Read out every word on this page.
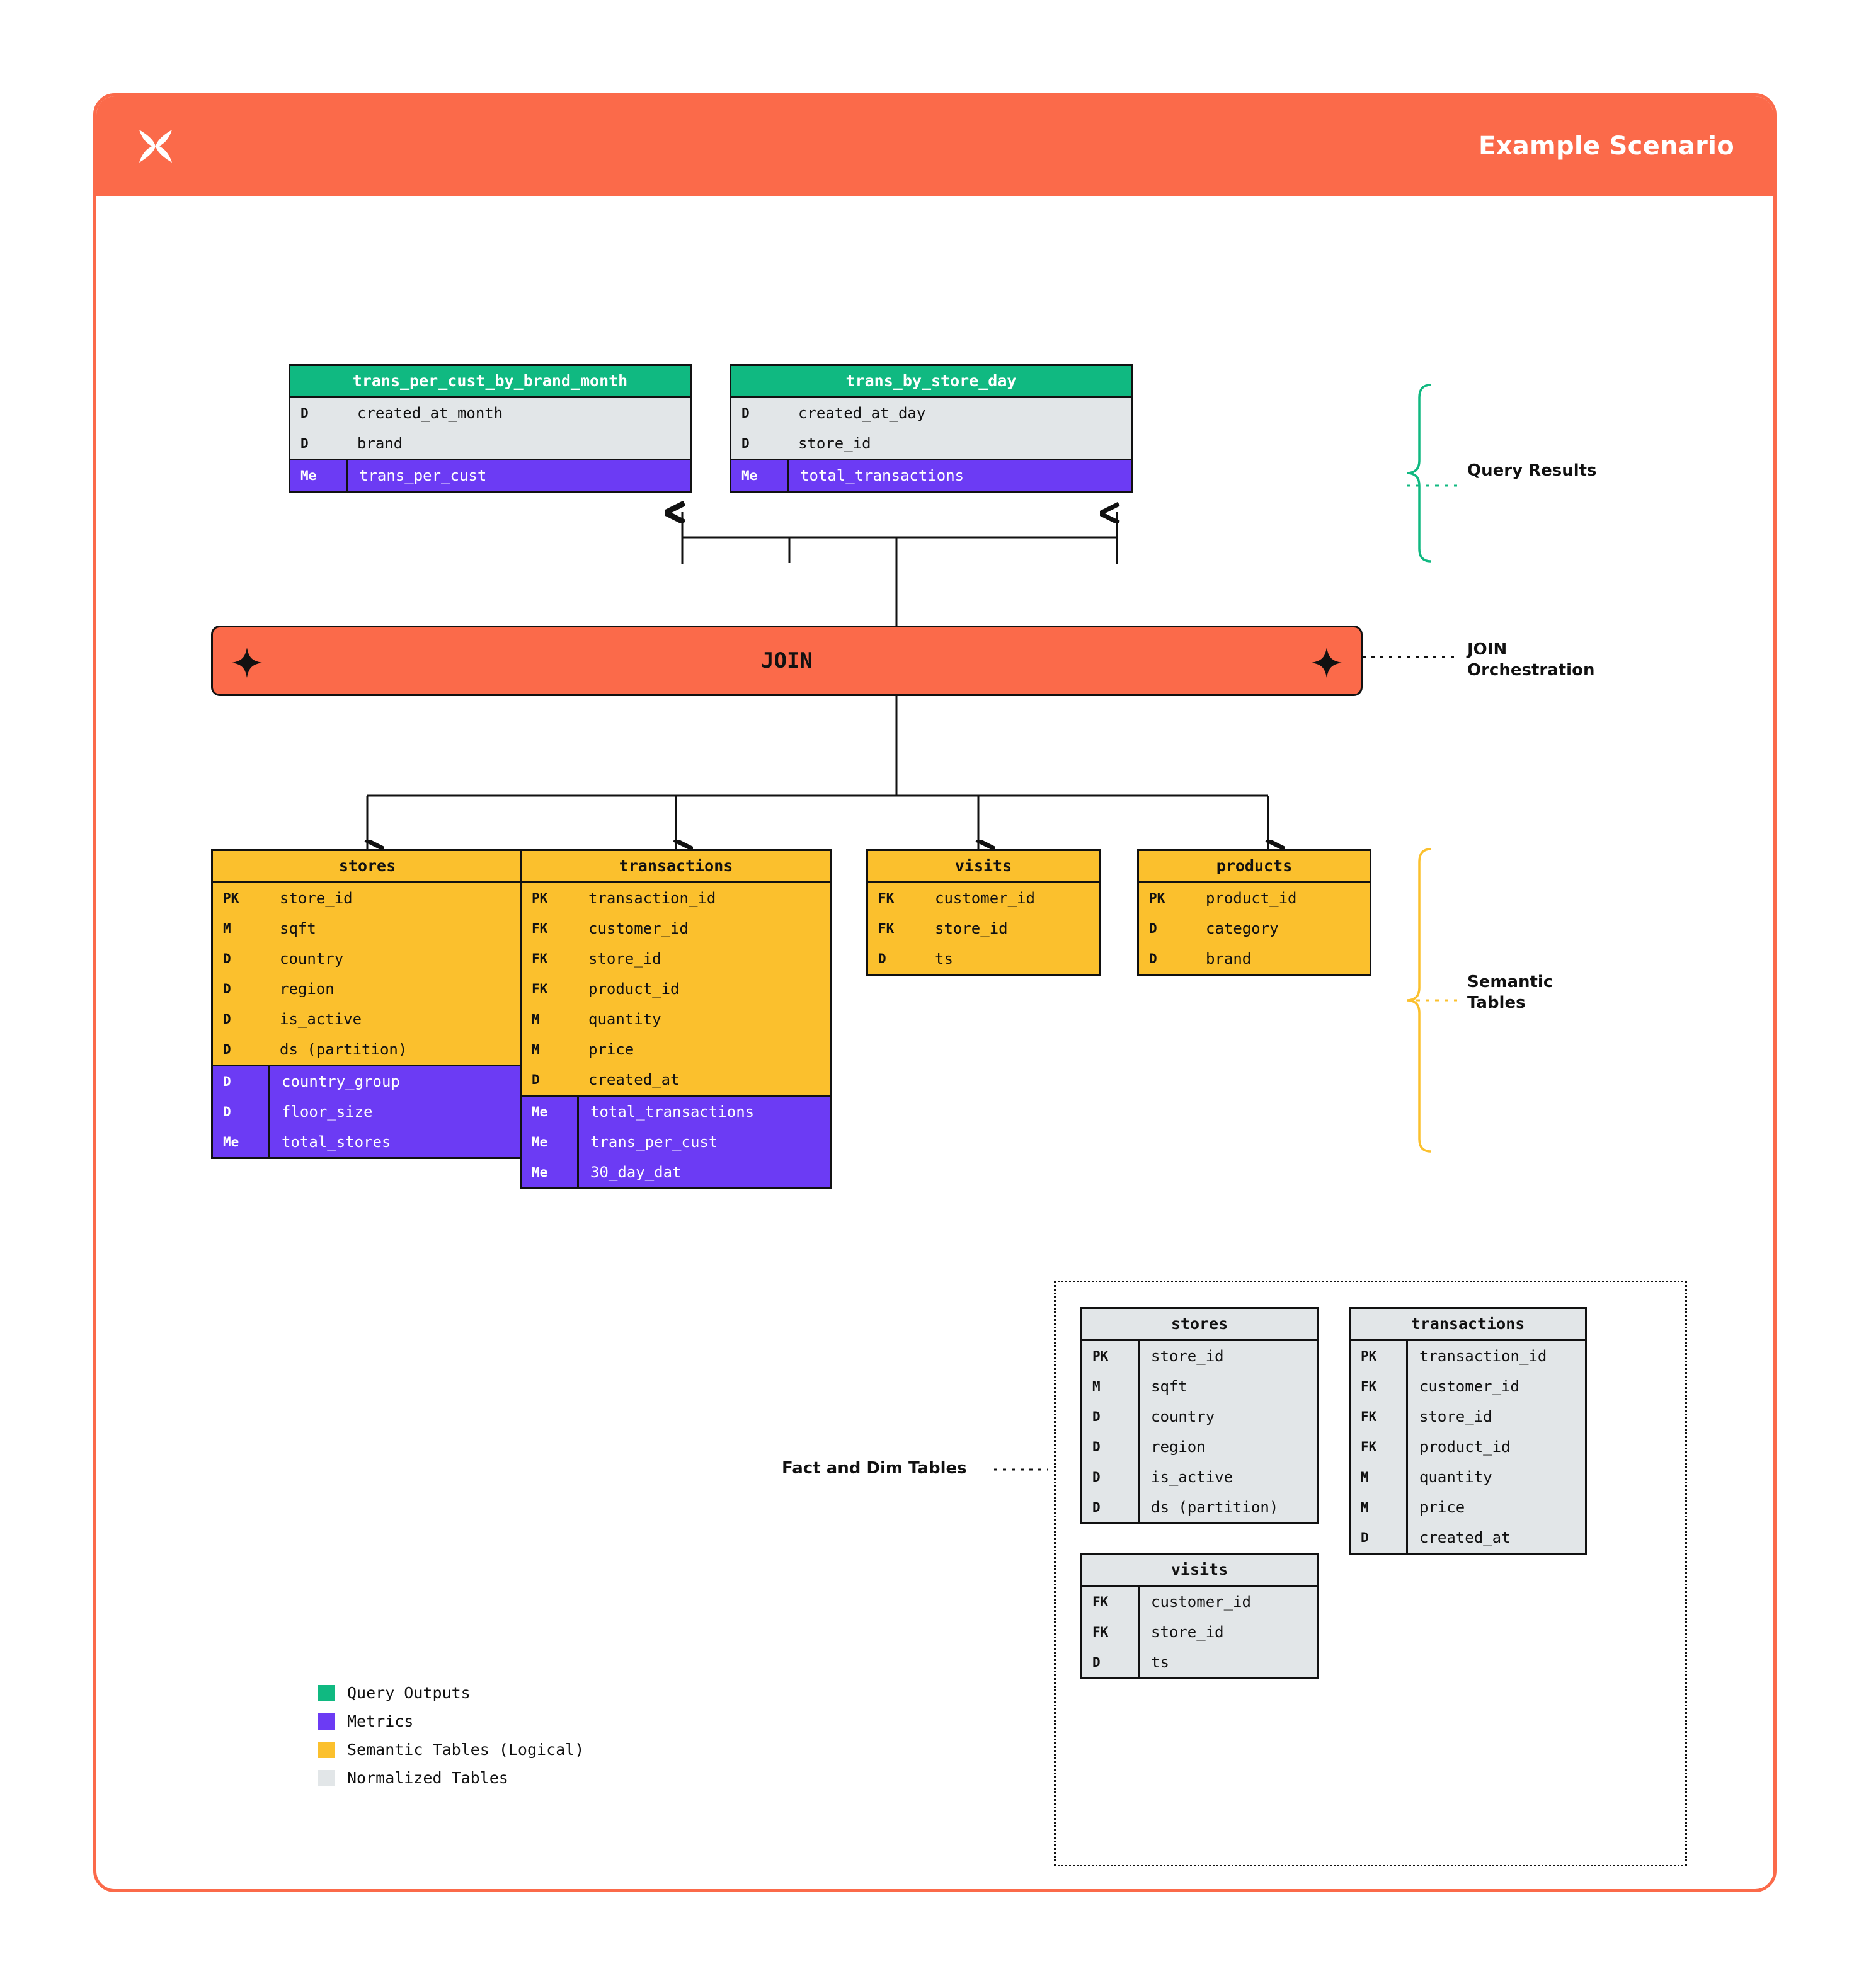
Example Scenario
trans_per_cust_by_brand_month
D	created_at_month
D	brand
Me	trans_per_cust
trans_by_store_day
D	created_at_day
D	store_id
Me	total_transactions	Query Results
JOIN	JOIN
Orchestration
stores
PK	store_id
M	sqft
D	country
D	region
D	is_active
D	ds (partition)
D	country_group
D	floor_size
Me	total_stores
transactions
PK	transaction_id
FK	customer_id
FK	store_id
FK	product_id
M	quantity
M	price
D	created_at
Me	total_transactions
Me	trans_per_cust
Me	30_day_dat
visits
FK	customer_id
FK	store_id
D	ts
products
PK	product_id
D	category
D	brand
Semantic
Tables
Fact and Dim Tables
stores
PK	store_id
M	sqft
D	country
D	region
D	is_active
D	ds (partition)
transactions
PK	transaction_id
FK	customer_id
FK	store_id
FK	product_id
M	quantity
M	price
D	created_at
visits
FK	customer_id
FK	store_id
D	ts
Query Outputs
Metrics
Semantic Tables (Logical)
Normalized Tables
